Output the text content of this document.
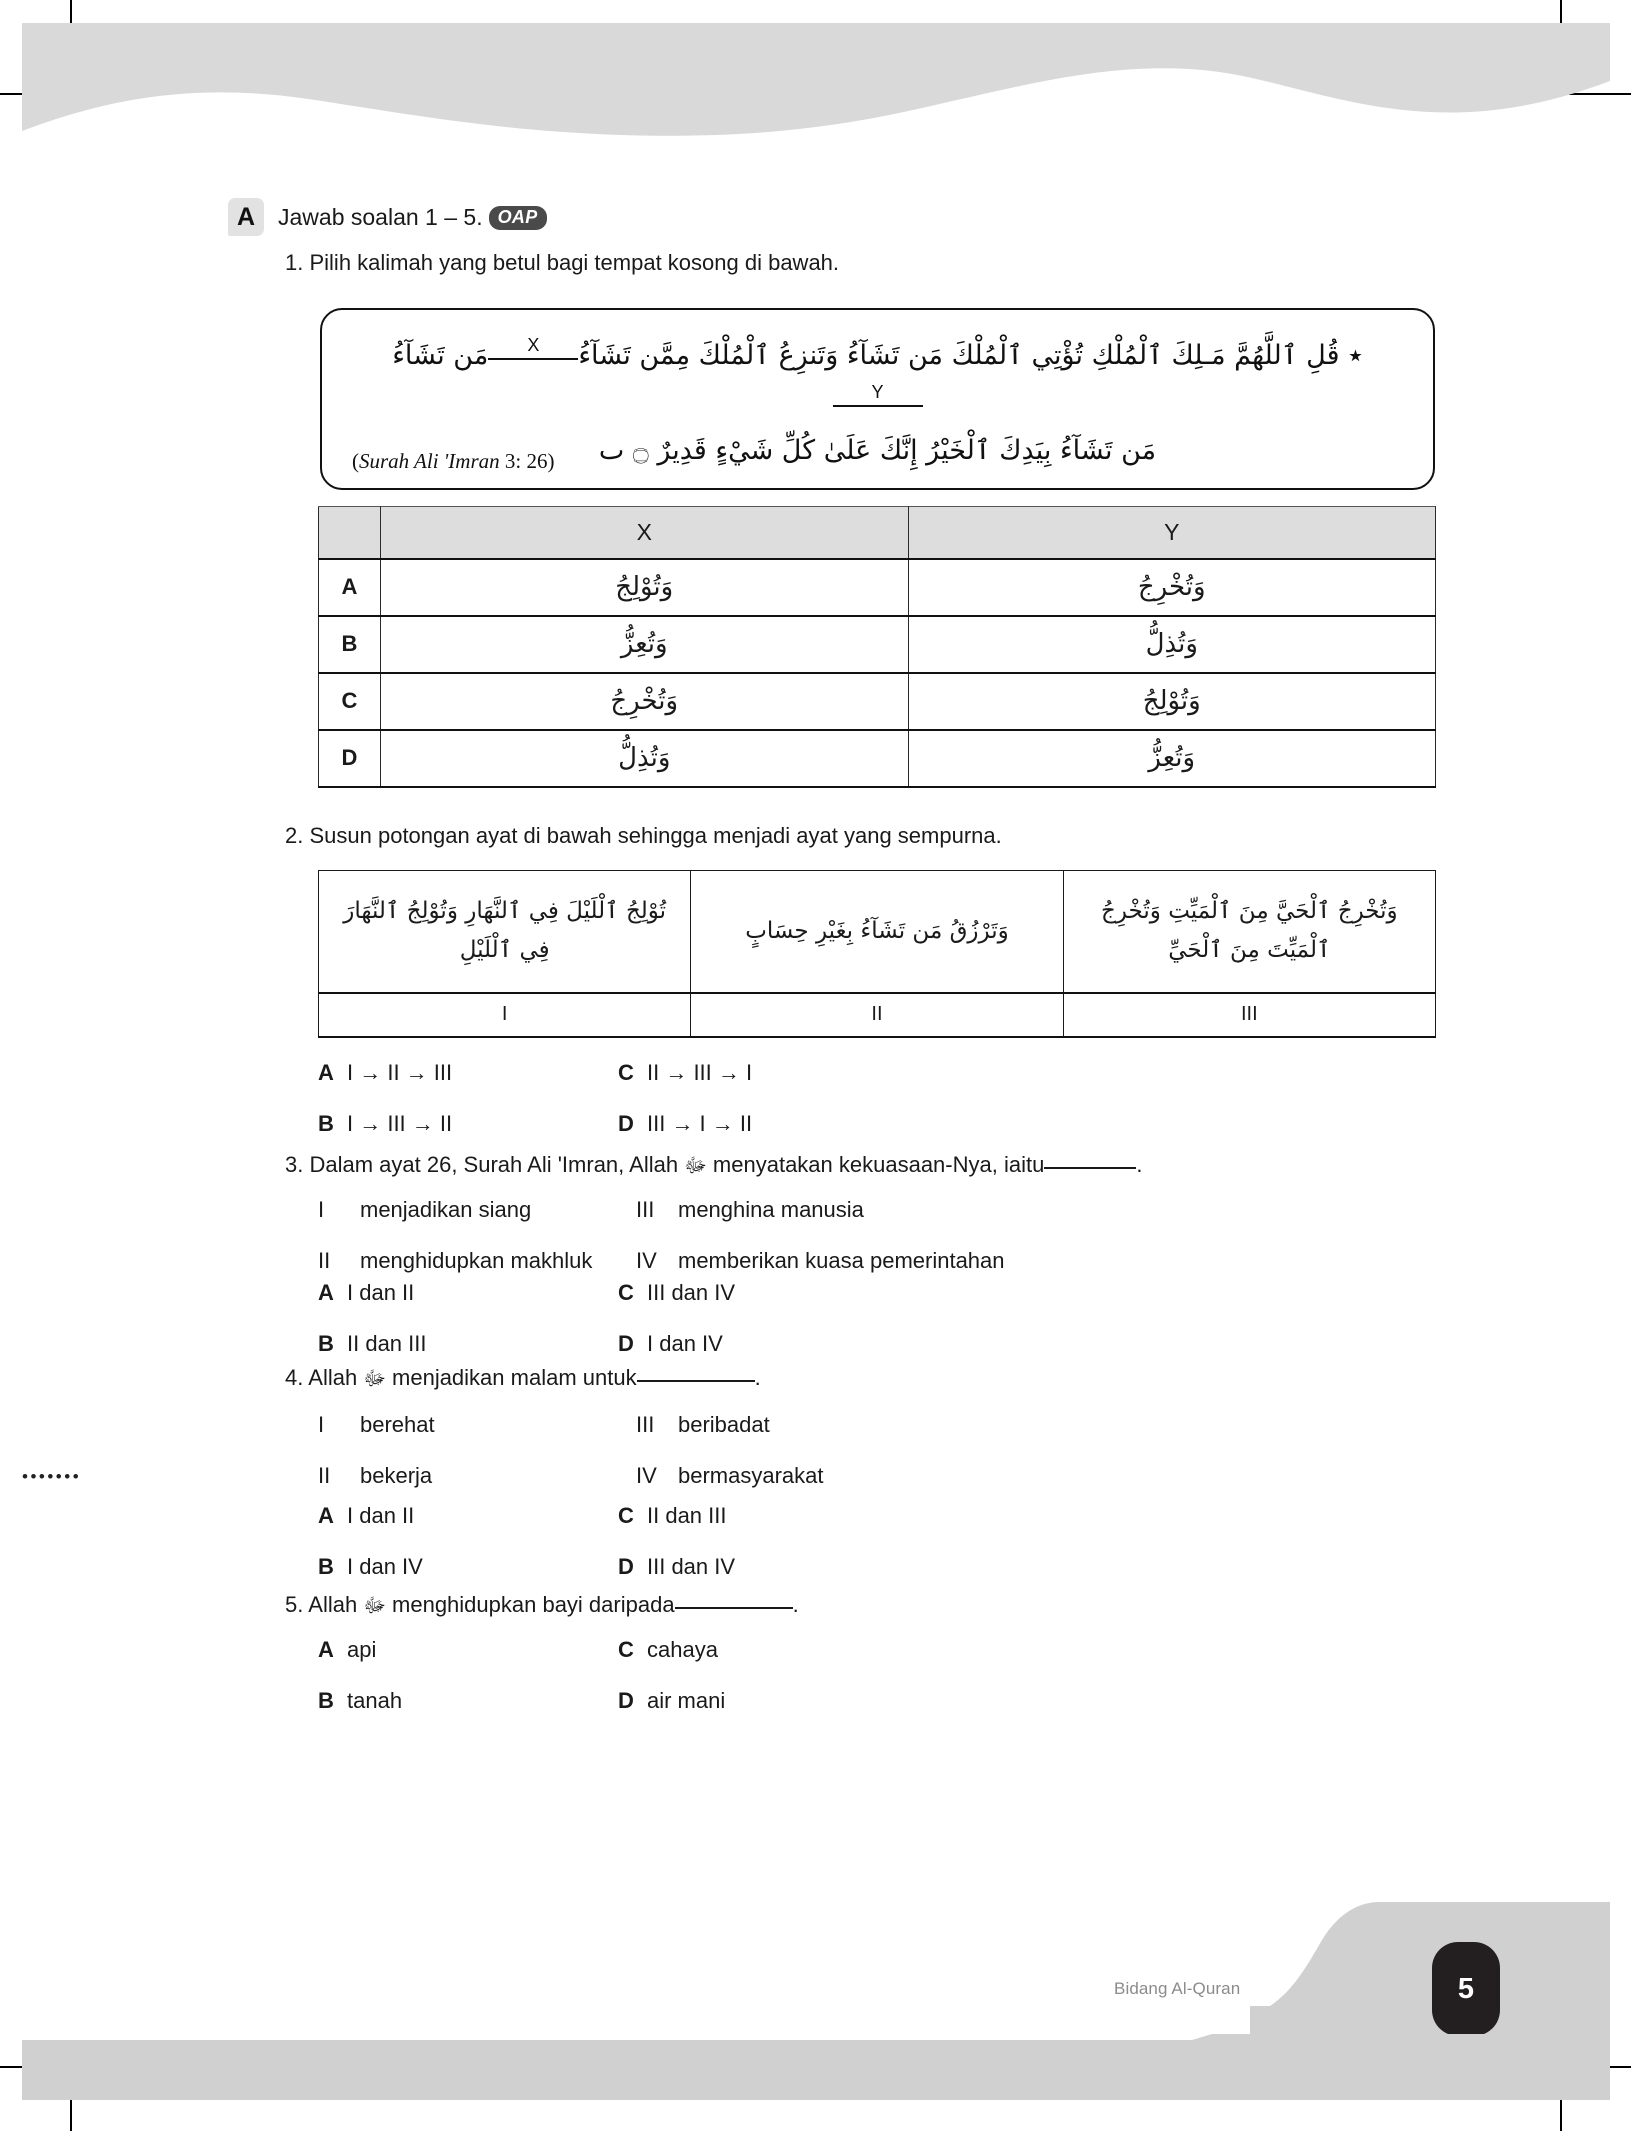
A Jawab soalan 1 – 5. OAP
1. Pilih kalimah yang betul bagi tempat kosong di bawah.
٭ قُلِ ٱللَّهُمَّ مَـلِكَ ٱلْمُلْكِ تُؤْتِي ٱلْمُلْكَ مَن تَشَآءُ وَتَنزِعُ ٱلْمُلْكَ مِمَّن تَشَآءُ
X
مَن تَشَآءُ
Y
مَن تَشَآءُ بِيَدِكَ ٱلْخَيْرُ إِنَّكَ عَلَىٰ كُلِّ شَيْءٍ قَدِيرٌ ۝ ٮ
(Surah Ali 'Imran 3: 26)
	X	Y
A	وَتُوْلِجُ	وَتُخْرِجُ
B	وَتُعِزُّ	وَتُذِلُّ
C	وَتُخْرِجُ	وَتُوْلِجُ
D	وَتُذِلُّ	وَتُعِزُّ
2. Susun potongan ayat di bawah sehingga menjadi ayat yang sempurna.
تُوْلِجُ ٱلْلَيْلَ فِي ٱلنَّهَارِ وَتُوْلِجُ ٱلنَّهَارَ فِي ٱلْلَيْلِ	وَتَرْزُقُ مَن تَشَآءُ بِغَيْرِ حِسَابٍ	وَتُخْرِجُ ٱلْحَيَّ مِنَ ٱلْمَيِّتِ وَتُخْرِجُ ٱلْمَيِّتَ مِنَ ٱلْحَيِّ
I	II	III
A I → II → III	C II → III → I
B I → III → II	D III → I → II
3. Dalam ayat 26, Surah Ali 'Imran, Allah ﷻ menyatakan kekuasaan-Nya, iaitu	.
I	menjadikan siang	III	menghina manusia
II	menghidupkan makhluk IV memberikan kuasa pemerintahan
A I dan II	C III dan IV
B II dan III	D I dan IV
4. Allah ﷻ menjadikan malam untuk	.
I	berehat	III	beribadat
II	bekerja	IV bermasyarakat
A I dan II	C II dan III
B I dan IV	D III dan IV
5. Allah ﷻ menghidupkan bayi daripada	.
A api	C cahaya
B tanah	D air mani
•••••••
Bidang Al-Quran	5
